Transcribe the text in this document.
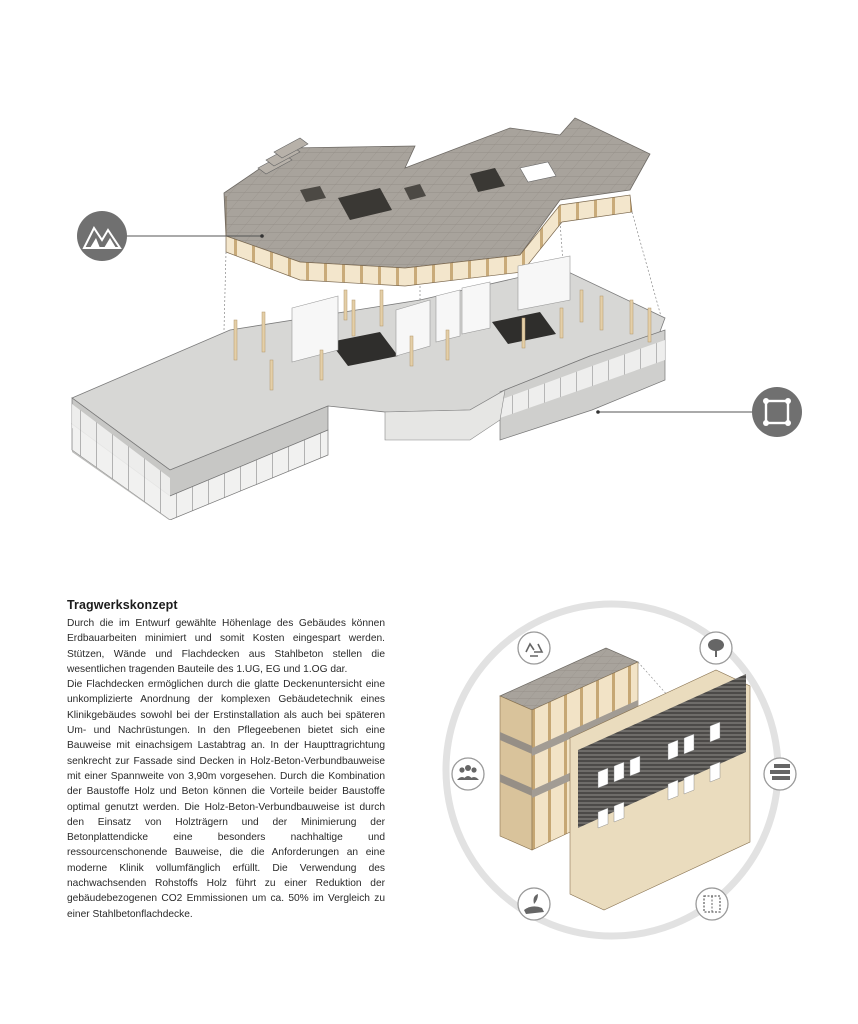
Tragwerkskonzept

Durch die im Entwurf gewählte Höhenlage des Gebäudes können Erdbauarbeiten minimiert und somit Kosten eingespart werden. Stützen, Wände und Flachdecken aus Stahlbeton stellen die wesentlichen tragenden Bauteile des 1.UG, EG und 1.OG dar.

Die Flachdecken ermöglichen durch die glatte Deckenuntersicht eine unkomplizierte Anordnung der komplexen Gebäudetechnik eines Klinikgebäudes sowohl bei der Erstinstallation als auch bei späteren Um- und Nachrüstungen. In den Pflegeebenen bietet sich eine Bauweise mit einachsigem Lastabtrag an. In der Haupttragrichtung senkrecht zur Fassade sind Decken in Holz-Beton-Verbundbauweise mit einer Spannweite von 3,90m vorgesehen. Durch die Kombination der Baustoffe Holz und Beton können die Vorteile beider Baustoffe optimal genutzt werden. Die Holz-Beton-Verbundbauweise ist durch den Einsatz von Holzträgern und der Minimierung der Betonplattendicke eine besonders nachhaltige und ressourcenschonende Bauweise, die die Anforderungen an eine moderne Klinik vollumfänglich erfüllt. Die Verwendung des nachwachsenden Rohstoffs Holz führt zu einer Reduktion der gebäudebezogenen CO2 Emmissionen um ca. 50% im Vergleich zu einer Stahlbetonflachdecke.
